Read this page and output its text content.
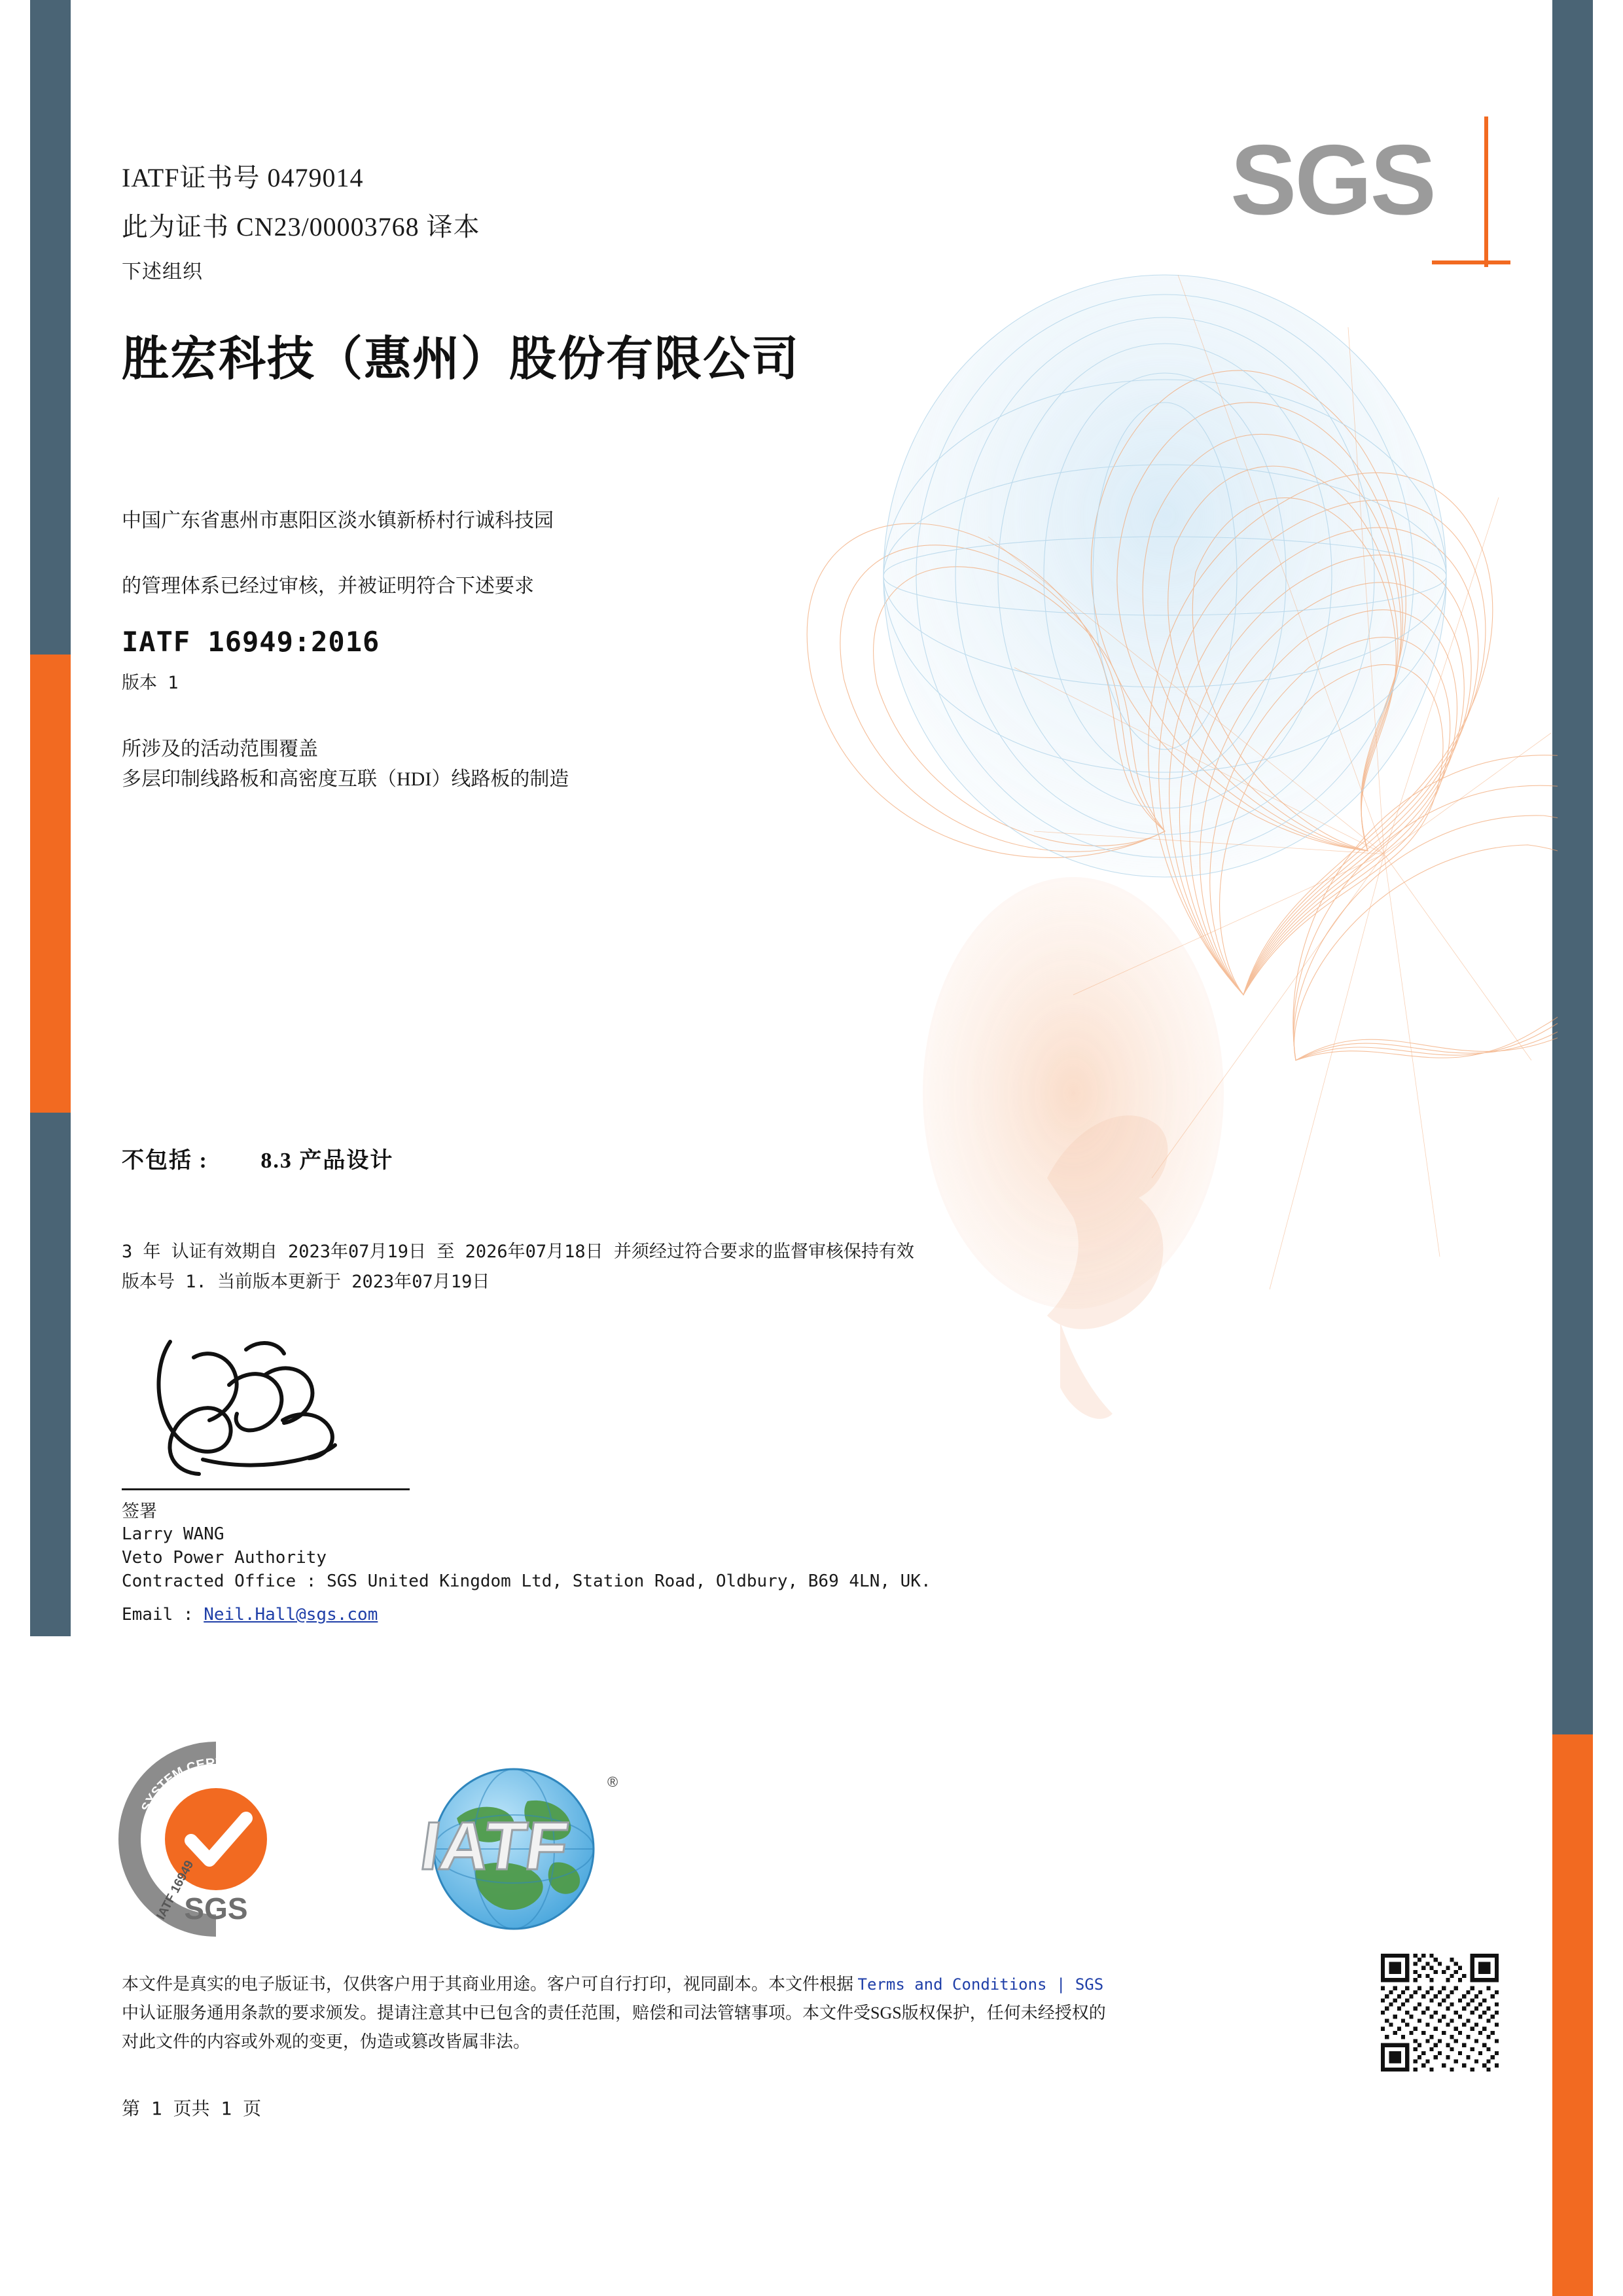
SGS
IATF证书号 0479014
此为证书 CN23/00003768 译本
下述组织
胜宏科技（惠州）股份有限公司
中国广东省惠州市惠阳区淡水镇新桥村行诚科技园
的管理体系已经过审核，并被证明符合下述要求
IATF 16949:2016
版本 1
所涉及的活动范围覆盖
多层印制线路板和高密度互联（HDI）线路板的制造
不包括 : 8.3 产品设计
3 年 认证有效期自 2023年07月19日 至 2026年07月18日 并须经过符合要求的监督审核保持有效
版本号 1. 当前版本更新于 2023年07月19日
签署
Larry WANG
Veto Power Authority
Contracted Office : SGS United Kingdom Ltd, Station Road, Oldbury, B69 4LN, UK.
Email : Neil.Hall@sgs.com
SYSTEM CERTIFICATION
IATF 16949
SGS
IATF
®
本文件是真实的电子版证书，仅供客户用于其商业用途。客户可自行打印，视同副本。本文件根据 Terms and Conditions | SGS
中认证服务通用条款的要求颁发。提请注意其中已包含的责任范围，赔偿和司法管辖事项。本文件受SGS版权保护，任何未经授权的
对此文件的内容或外观的变更，伪造或篡改皆属非法。
第 1 页共 1 页
